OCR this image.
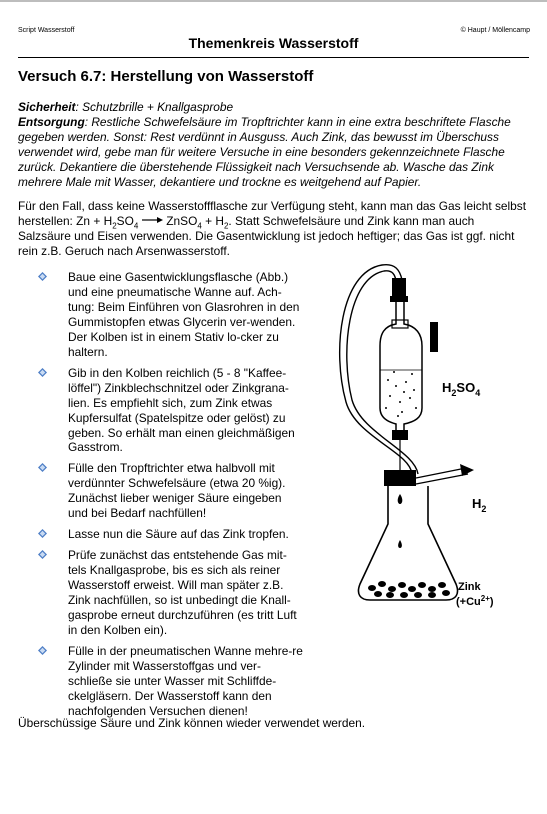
Script Wasserstoff	© Haupt / Möllencamp
Themenkreis Wasserstoff
Versuch 6.7: Herstellung von Wasserstoff

Sicherheit: Schutzbrille + Knallgasprobe
Entsorgung: Restliche Schwefelsäure im Tropftrichter kann in eine extra beschriftete Flasche gegeben werden. Sonst: Rest verdünnt in Ausguss. Auch Zink, das bewusst im Überschuss verwendet wird, gebe man für weitere Versuche in eine besonders gekennzeichnete Flasche zurück. Dekantiere die überstehende Flüssigkeit nach Versuchsende ab. Wasche das Zink mehrere Male mit Wasser, dekantiere und trockne es weitgehend auf Papier.

Für den Fall, dass keine Wasserstoffflasche zur Verfügung steht, kann man das Gas leicht selbst herstellen: $Zn + H_2SO_4$ →ZnSO$_4$ + $H_2$. Statt Schwefelsäure und Zink kann man auch Salzsäure und Eisen verwenden. Die Gasentwicklung ist jedoch heftiger; das Gas ist ggf. nicht rein z.B. Geruch nach Arsenwasserstoff.

Baue eine Gasentwicklungsflasche (Abb.) und eine pneumatische Wanne auf. Ach-tung: Beim Einführen von Glasrohren in den Gummistopfen etwas Glycerin ver-wenden. Der Kolben ist in einem Stativ lo-cker zu haltern.
Gib in den Kolben reichlich (5 - 8 "Kaffee-löffel") Zinkblechschnitzel oder Zinkgrana-lien. Es empfiehlt sich, zum Zink etwas Kupfersulfat (Spatelspitze oder gelöst) zu geben. So erhält man einen gleichmäßigen Gasstrom.
Fülle den Tropftrichter etwa halbvoll mit verdünnter Schwefelsäure (etwa 20 %ig). Zunächst lieber weniger Säure eingeben und bei Bedarf nachfüllen!
Lasse nun die Säure auf das Zink tropfen.
Prüfe zunächst das entstehende Gas mit-tels Knallgasprobe, bis es sich als reiner Wasserstoff erweist. Will man später z.B. Zink nachfüllen, so ist unbedingt die Knall-gasprobe erneut durchzuführen (es tritt Luft in den Kolben ein).
Fülle in der pneumatischen Wanne mehre-re Zylinder mit Wasserstoffgas und ver-schließe sie unter Wasser mit Schliffde-ckelgläsern. Der Wasserstoff kann den nachfolgenden Versuchen dienen!
$H_2SO_4$
$H_2$
Zink
$(+Cu^{2+})$

Überschüssige Säure und Zink können wieder verwendet werden.
